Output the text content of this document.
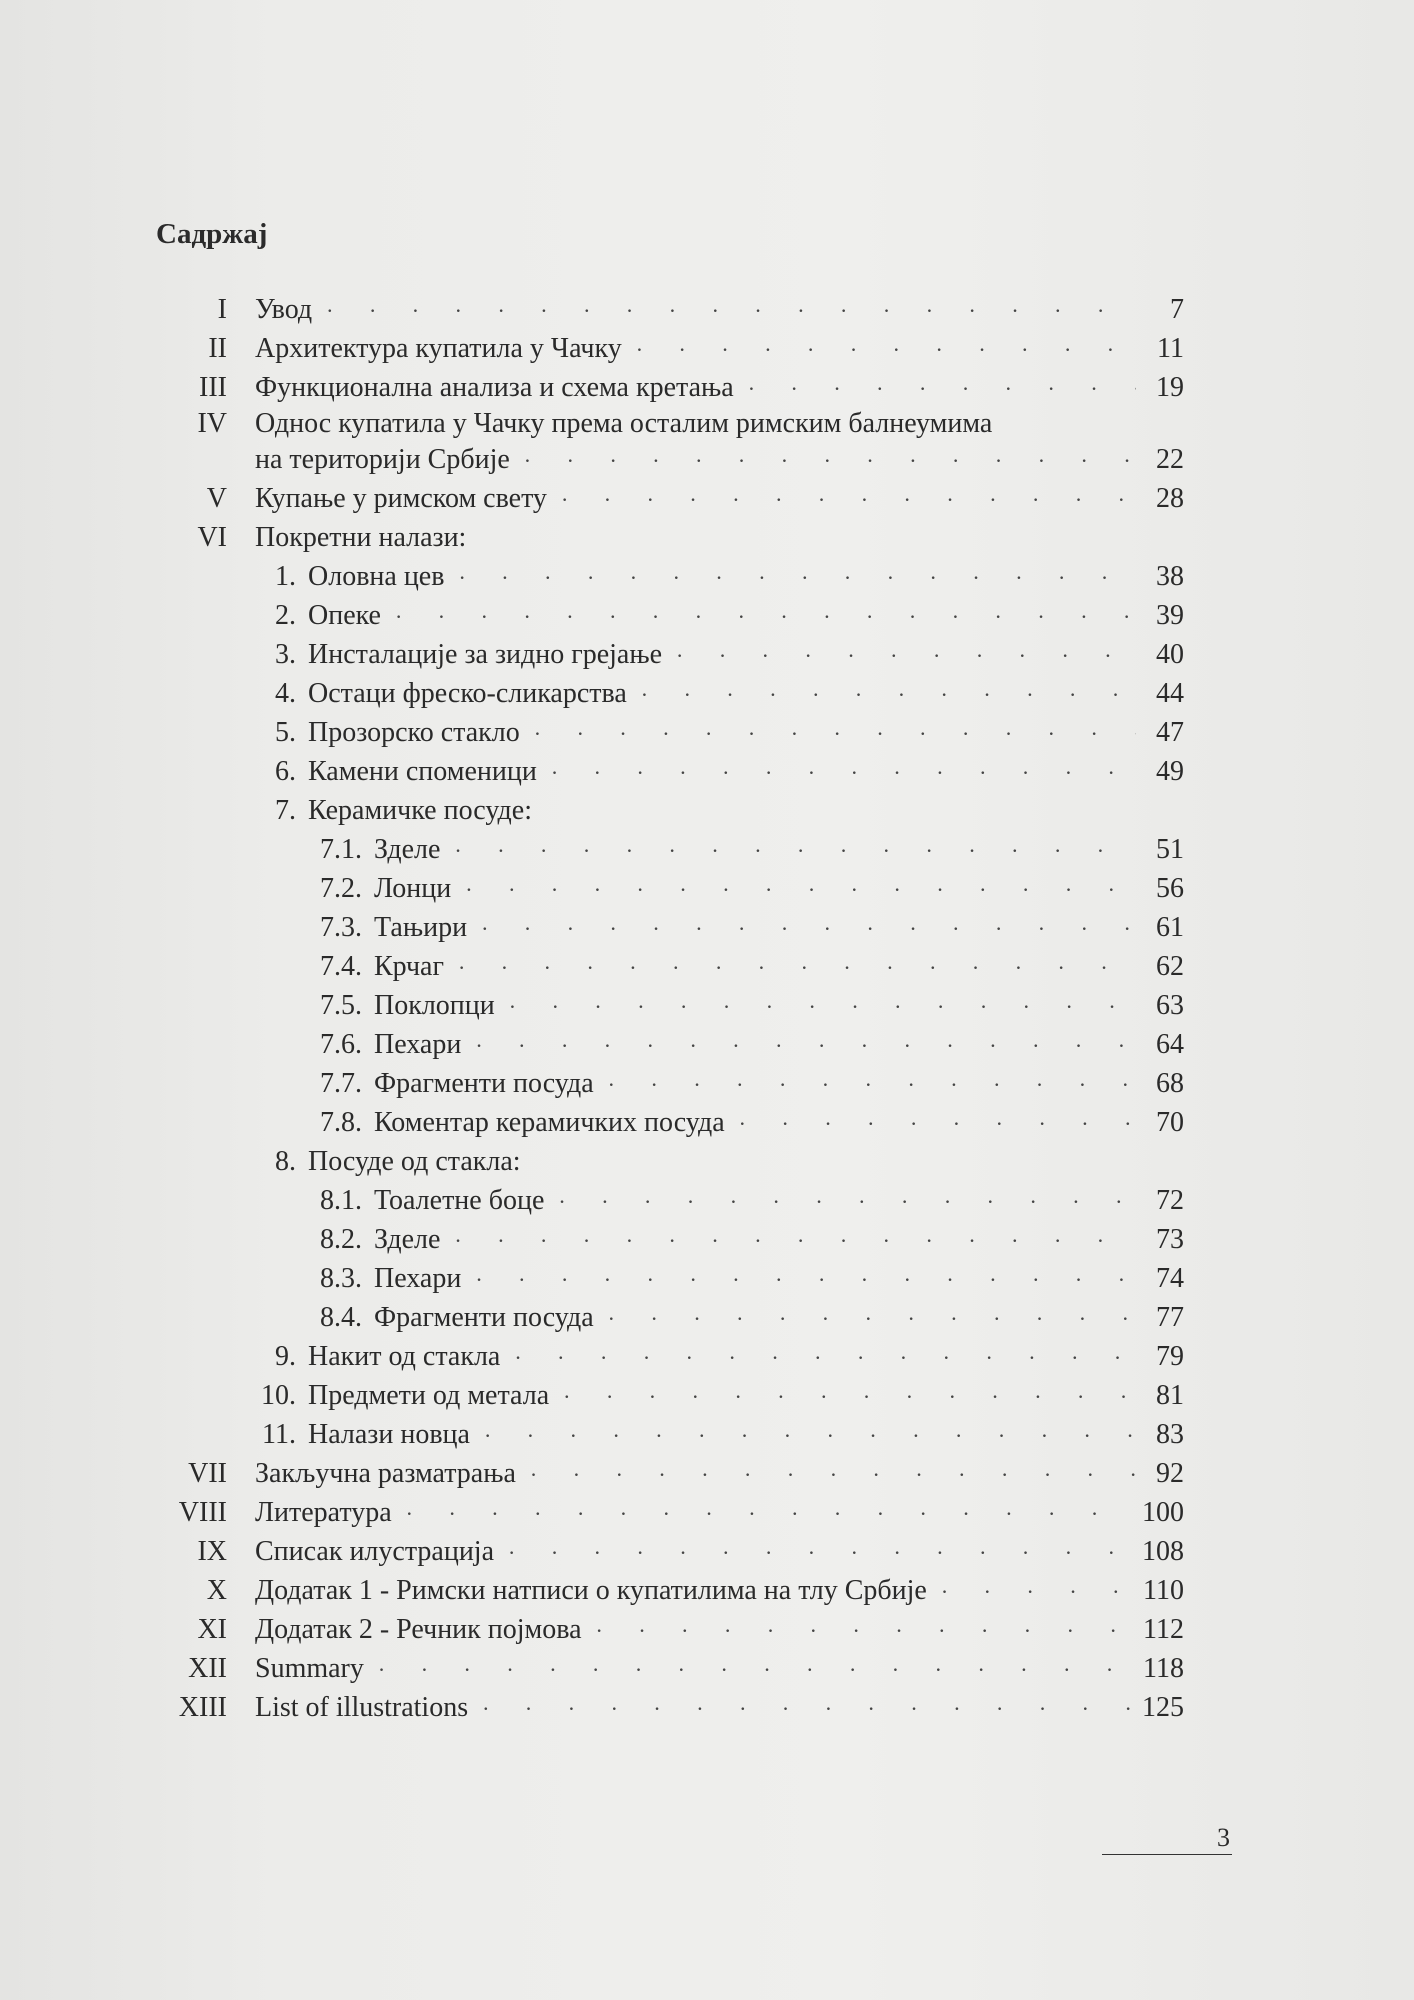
Садржај
I Увод · · ·	7
II Архитектура купатила у Чачку · · ·	11
III Функционална анализа и схема кретања · · ·	19
IV Однос купатила у Чачку према осталим римским балнеумима
на територији Србије · · ·	22
V Купање у римском свету · · ·	28
VI Покретни налази:
1. Оловна цев · · ·	38
2. Опеке · · ·	39
3. Инсталације за зидно грејање · · ·	40
4. Остаци фреско-сликарства · · ·	44
5. Прозорско стакло · · ·	47
6. Камени споменици · · ·	49
7. Керамичке посуде:
7.1. Зделе · · ·	51
7.2. Лонци · · ·	56
7.3. Тањири · · ·	61
7.4. Крчаг · · ·	62
7.5. Поклопци · · ·	63
7.6. Пехари · · ·	64
7.7. Фрагменти посуда · · ·	68
7.8. Коментар керамичких посуда · · ·	70
8. Посуде од стакла:
8.1. Тоалетне боце · · ·	72
8.2. Зделе · · ·	73
8.3. Пехари · · ·	74
8.4. Фрагменти посуда · · ·	77
9. Накит од стакла · · ·	79
10. Предмети од метала · · ·	81
11. Налази новца · · ·	83
VII Закључна разматрања · · ·	92
VIII Литература · · ·	100
IX Списак илустрација · · ·	108
X Додатак 1 - Римски натписи о купатилима на тлу Србије · · ·	110
XI Додатак 2 - Речник појмова · · ·	112
XII Summary · · ·	118
XIII List of illustrations · · ·	125
3
